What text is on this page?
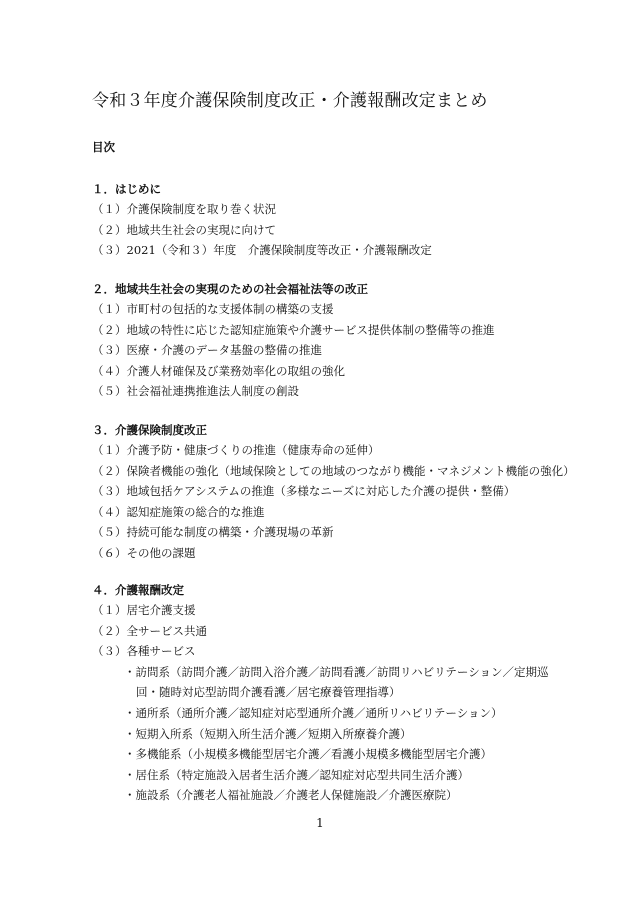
令和３年度介護保険制度改正・介護報酬改定まとめ
目次
１．はじめに
（１）介護保険制度を取り巻く状況
（２）地域共生社会の実現に向けて
（３）2021（令和３）年度　介護保険制度等改正・介護報酬改定
２．地域共生社会の実現のための社会福祉法等の改正
（１）市町村の包括的な支援体制の構築の支援
（２）地域の特性に応じた認知症施策や介護サービス提供体制の整備等の推進
（３）医療・介護のデータ基盤の整備の推進
（４）介護人材確保及び業務効率化の取組の強化
（５）社会福祉連携推進法人制度の創設
３．介護保険制度改正
（１）介護予防・健康づくりの推進（健康寿命の延伸）
（２）保険者機能の強化（地域保険としての地域のつながり機能・マネジメント機能の強化）
（３）地域包括ケアシステムの推進（多様なニーズに対応した介護の提供・整備）
（４）認知症施策の総合的な推進
（５）持続可能な制度の構築・介護現場の革新
（６）その他の課題
４．介護報酬改定
（１）居宅介護支援
（２）全サービス共通
（３）各種サービス
・訪問系（訪問介護／訪問入浴介護／訪問看護／訪問リハビリテーション／定期巡
回・随時対応型訪問介護看護／居宅療養管理指導）
・通所系（通所介護／認知症対応型通所介護／通所リハビリテーション）
・短期入所系（短期入所生活介護／短期入所療養介護）
・多機能系（小規模多機能型居宅介護／看護小規模多機能型居宅介護）
・居住系（特定施設入居者生活介護／認知症対応型共同生活介護）
・施設系（介護老人福祉施設／介護老人保健施設／介護医療院）
1
